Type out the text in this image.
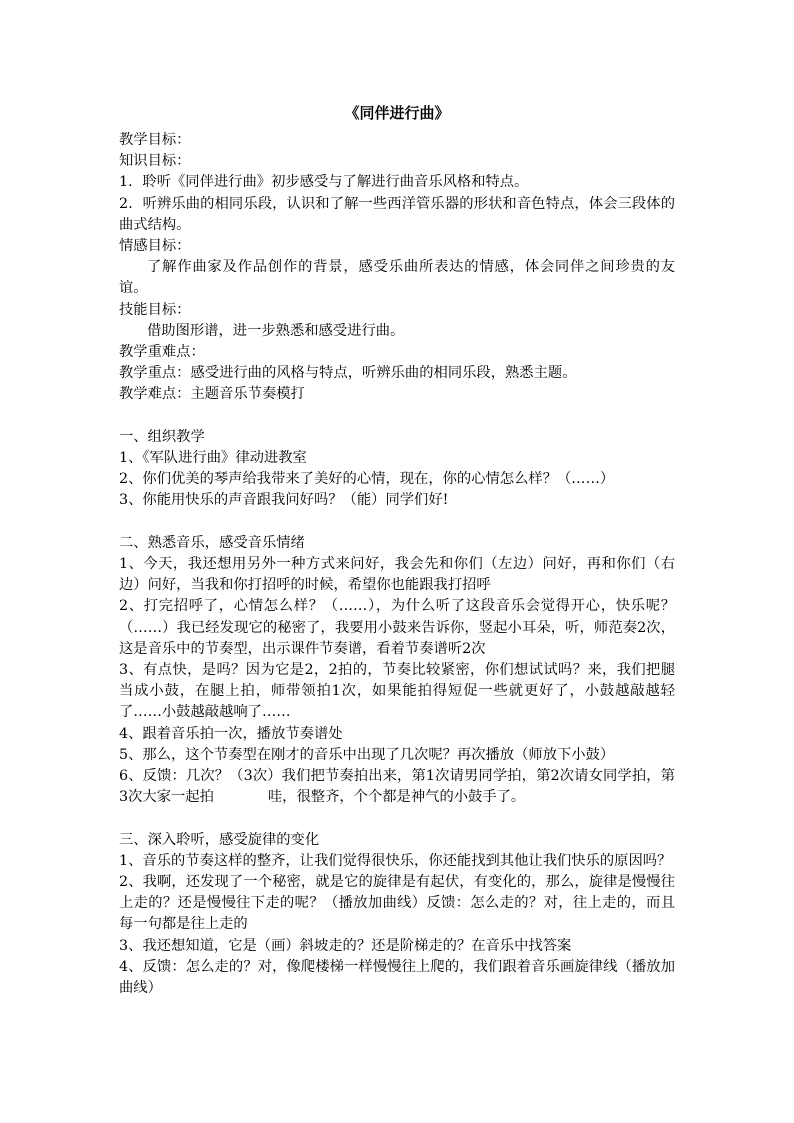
《同伴进行曲》

教学目标：

知识目标：

1．聆听《同伴进行曲》初步感受与了解进行曲音乐风格和特点。

2．听辨乐曲的相同乐段，认识和了解一些西洋管乐器的形状和音色特点，体会三段体的曲式结构。

情感目标：

了解作曲家及作品创作的背景，感受乐曲所表达的情感，体会同伴之间珍贵的友谊。

技能目标：

借助图形谱，进一步熟悉和感受进行曲。

教学重难点：

教学重点：感受进行曲的风格与特点，听辨乐曲的相同乐段，熟悉主题。

教学难点：主题音乐节奏模打

一、组织教学

1、《军队进行曲》律动进教室

2、你们优美的琴声给我带来了美好的心情，现在，你的心情怎么样？（……）

3、你能用快乐的声音跟我问好吗？（能）同学们好!

二、熟悉音乐，感受音乐情绪

1、今天，我还想用另外一种方式来问好，我会先和你们（左边）问好，再和你们（右边）问好，当我和你打招呼的时候，希望你也能跟我打招呼

2、打完招呼了，心情怎么样？（……），为什么听了这段音乐会觉得开心，快乐呢？（……）我已经发现它的秘密了，我要用小鼓来告诉你，竖起小耳朵，听，师范奏2次，这是音乐中的节奏型，出示课件节奏谱，看着节奏谱听2次

3、有点快，是吗？因为它是2，2拍的，节奏比较紧密，你们想试试吗？来，我们把腿当成小鼓，在腿上拍，师带领拍1次，如果能拍得短促一些就更好了，小鼓越敲越轻了……小鼓越敲越响了……

4、跟着音乐拍一次，播放节奏谱处

5、那么，这个节奏型在刚才的音乐中出现了几次呢？再次播放（师放下小鼓）

6、反馈：几次？（3次）我们把节奏拍出来，第1次请男同学拍，第2次请女同学拍，第3次大家一起拍	哇，很整齐，个个都是神气的小鼓手了。

三、深入聆听，感受旋律的变化

1、音乐的节奏这样的整齐，让我们觉得很快乐，你还能找到其他让我们快乐的原因吗？

2、我啊，还发现了一个秘密，就是它的旋律是有起伏，有变化的，那么，旋律是慢慢往上走的？还是慢慢往下走的呢？（播放加曲线）反馈：怎么走的？对，往上走的，而且每一句都是往上走的

3、我还想知道，它是（画）斜坡走的？还是阶梯走的？在音乐中找答案

4、反馈：怎么走的？对，像爬楼梯一样慢慢往上爬的，我们跟着音乐画旋律线（播放加曲线）
